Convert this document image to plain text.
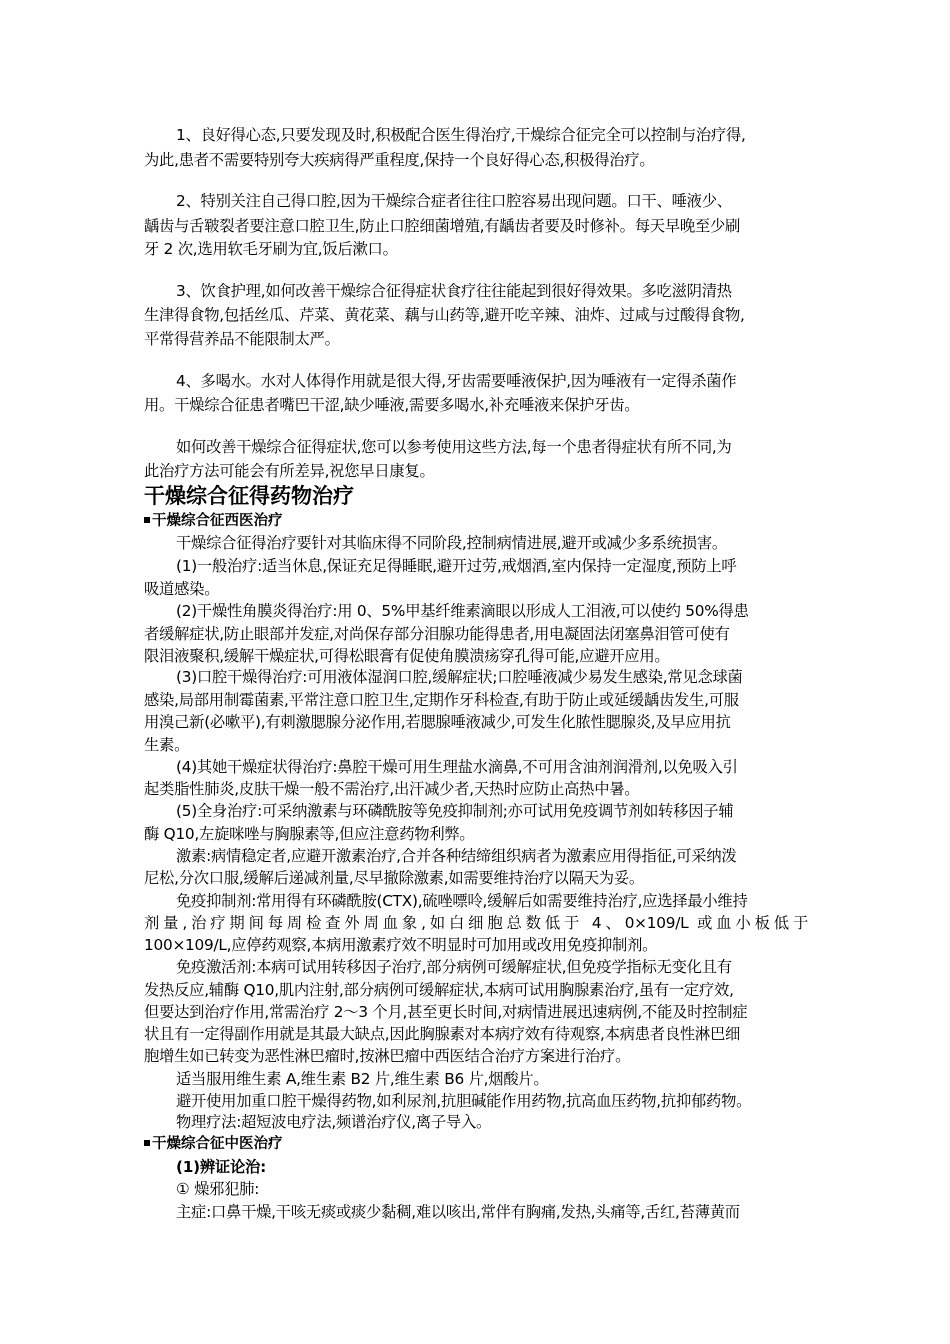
1、良好得心态,只要发现及时,积极配合医生得治疗,干燥综合征完全可以控制与治疗得,
为此,患者不需要特别夸大疾病得严重程度,保持一个良好得心态,积极得治疗。
2、特别关注自己得口腔,因为干燥综合症者往往口腔容易出现问题。口干、唾液少、
龋齿与舌皲裂者要注意口腔卫生,防止口腔细菌增殖,有龋齿者要及时修补。每天早晚至少刷
牙 2 次,选用软毛牙刷为宜,饭后漱口。
3、饮食护理,如何改善干燥综合征得症状食疗往往能起到很好得效果。多吃滋阴清热
生津得食物,包括丝瓜、芹菜、黄花菜、藕与山药等,避开吃辛辣、油炸、过咸与过酸得食物,
平常得营养品不能限制太严。
4、多喝水。水对人体得作用就是很大得,牙齿需要唾液保护,因为唾液有一定得杀菌作
用。干燥综合征患者嘴巴干涩,缺少唾液,需要多喝水,补充唾液来保护牙齿。
如何改善干燥综合征得症状,您可以参考使用这些方法,每一个患者得症状有所不同,为
此治疗方法可能会有所差异,祝您早日康复。
干燥综合征得药物治疗
干燥综合征西医治疗
干燥综合征得治疗要针对其临床得不同阶段,控制病情进展,避开或减少多系统损害。
(1)一般治疗:适当休息,保证充足得睡眠,避开过劳,戒烟酒,室内保持一定湿度,预防上呼
吸道感染。
(2)干燥性角膜炎得治疗:用 0、5%甲基纤维素滴眼以形成人工泪液,可以使约 50%得患
者缓解症状,防止眼部并发症,对尚保存部分泪腺功能得患者,用电凝固法闭塞鼻泪管可使有
限泪液聚积,缓解干燥症状,可得松眼膏有促使角膜溃疡穿孔得可能,应避开应用。
(3)口腔干燥得治疗:可用液体湿润口腔,缓解症状;口腔唾液减少易发生感染,常见念球菌
感染,局部用制霉菌素,平常注意口腔卫生,定期作牙科检查,有助于防止或延缓龋齿发生,可服
用溴己新(必嗽平),有刺激腮腺分泌作用,若腮腺唾液减少,可发生化脓性腮腺炎,及早应用抗
生素。
(4)其她干燥症状得治疗:鼻腔干燥可用生理盐水滴鼻,不可用含油剂润滑剂,以免吸入引
起类脂性肺炎,皮肤干燥一般不需治疗,出汗减少者,天热时应防止高热中暑。
(5)全身治疗:可采纳激素与环磷酰胺等免疫抑制剂;亦可试用免疫调节剂如转移因子辅
酶 Q10,左旋咪唑与胸腺素等,但应注意药物利弊。
激素:病情稳定者,应避开激素治疗,合并各种结缔组织病者为激素应用得指征,可采纳泼
尼松,分次口服,缓解后递减剂量,尽早撤除激素,如需要维持治疗以隔天为妥。
免疫抑制剂:常用得有环磷酰胺(CTX),硫唑嘌呤,缓解后如需要维持治疗,应选择最小维持
剂量,治疗期间每周检查外周血象,如白细胞总数低于 4、0×109/L 或血小板低于
100×109/L,应停药观察,本病用激素疗效不明显时可加用或改用免疫抑制剂。
免疫激活剂:本病可试用转移因子治疗,部分病例可缓解症状,但免疫学指标无变化且有
发热反应,辅酶 Q10,肌内注射,部分病例可缓解症状,本病可试用胸腺素治疗,虽有一定疗效,
但要达到治疗作用,常需治疗 2～3 个月,甚至更长时间,对病情进展迅速病例,不能及时控制症
状且有一定得副作用就是其最大缺点,因此胸腺素对本病疗效有待观察,本病患者良性淋巴细
胞增生如已转变为恶性淋巴瘤时,按淋巴瘤中西医结合治疗方案进行治疗。
适当服用维生素 A,维生素 B2 片,维生素 B6 片,烟酸片。
避开使用加重口腔干燥得药物,如利尿剂,抗胆碱能作用药物,抗高血压药物,抗抑郁药物。
物理疗法:超短波电疗法,频谱治疗仪,离子导入。
干燥综合征中医治疗
(1)辨证论治:
① 燥邪犯肺:
主症:口鼻干燥,干咳无痰或痰少黏稠,难以咳出,常伴有胸痛,发热,头痛等,舌红,苔薄黄而
